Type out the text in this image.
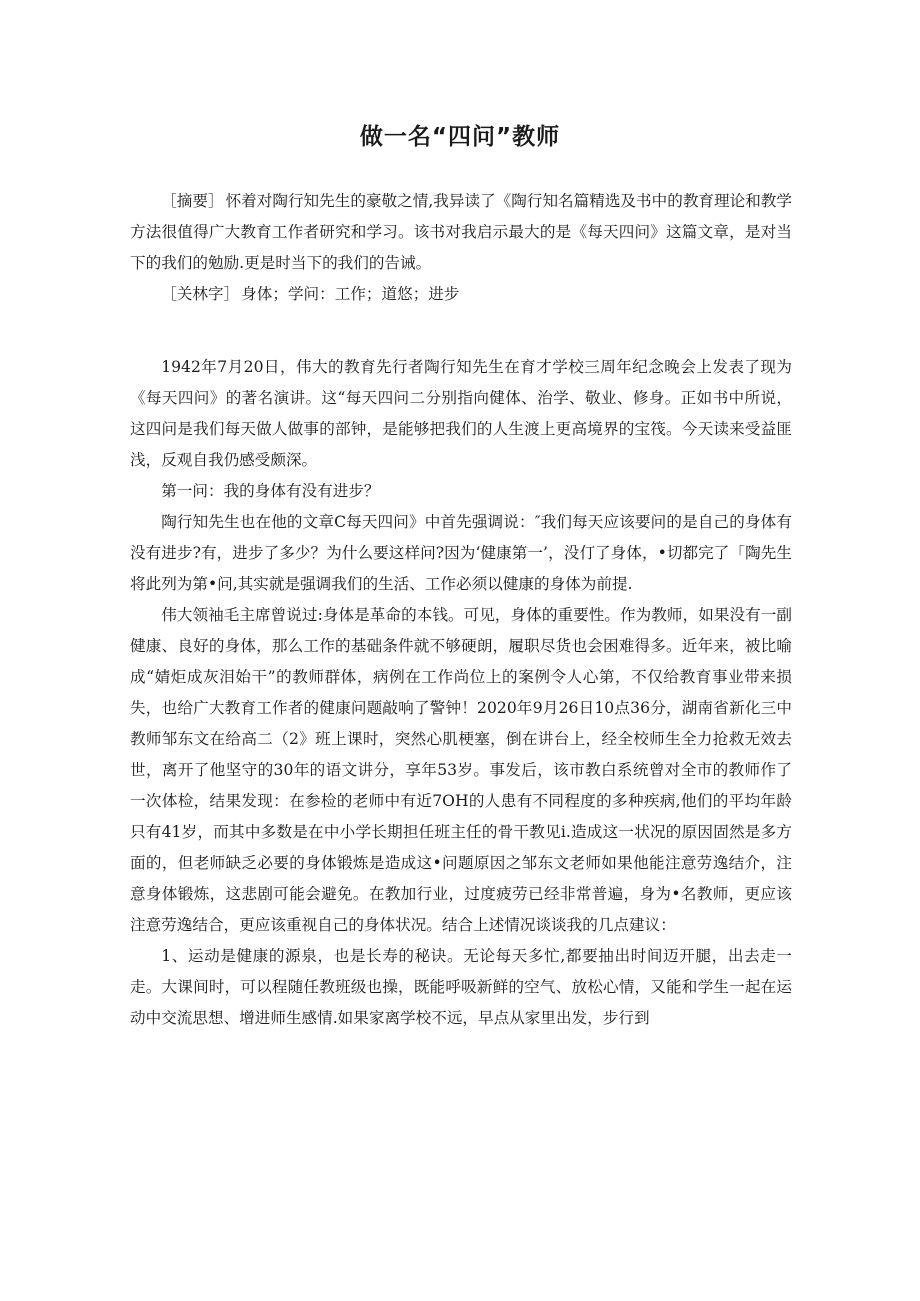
做一名“四问”教师

［摘要］ 怀着对陶行知先生的豪敬之情,我异读了《陶行知名篇精选及书中的教育理论和教学方法很值得广大教育工作者研究和学习。该书对我启示最大的是《每天四问》这篇文章，是对当下的我们的勉励.更是时当下的我们的告诫。

［关林字］ 身体；学问：工作；道悠；进步

1942年7月20日，伟大的教育先行者陶行知先生在育才学校三周年纪念晚会上发表了现为《每天四问》的著名演讲。这“每天四问二分别指向健体、治学、敬业、修身。正如书中所说，这四问是我们每天做人做事的部钟，是能够把我们的人生渡上更高境界的宝筏。今天读来受益匪浅，反观自我仍感受颇深。

第一问：我的身体有没有进步？

陶行知先生也在他的文章C每天四问》中首先强调说：″我们每天应该要问的是自己的身体有没有进步?有，进步了多少？为什么要这样问?因为‘健康第一’，没仃了身体，•切都完了「陶先生将此列为第•问,其实就是强调我们的生活、工作必须以健康的身体为前提.

伟大领袖毛主席曾说过:身体是革命的本钱。可见，身体的重要性。作为教师，如果没有一副健康、良好的身体，那么工作的基础条件就不够硬朗，履职尽货也会困难得多。近年来，被比喻成“婧炬成灰泪始干”的教师群体，病例在工作尚位上的案例令人心第，不仅给教育事业带来损失，也给广大教育工作者的健康问题敲响了警钟！2020年9月26日10点36分，湖南省新化三中教师邹东文在给高二（2》班上课时，突然心肌梗塞，倒在讲台上，经全校师生全力抢救无效去世，离开了他坚守的30年的语文讲分，享年53岁。事发后，该市教白系统曾对全市的教师作了一次体检，结果发现：在参检的老师中有近7OH的人患有不同程度的多种疾病,他们的平均年龄只有41岁，而其中多数是在中小学长期担任班主任的骨干教见i.造成这一状况的原因固然是多方面的，但老师缺乏必要的身体锻炼是造成这•问题原因之邹东文老师如果他能注意劳逸结介，注意身体锻炼，这悲剧可能会避免。在教加行业，过度疲劳已经非常普遍，身为•名教师，更应该注意劳逸结合，更应该重视自己的身体状况。结合上述情况谈谈我的几点建议：

1、运动是健康的源泉，也是长寿的秘诀。无论每天多忙,都要抽出时间迈开腿，出去走一走。大课间时，可以程随任教班级也操，既能呼吸新鲜的空气、放松心情，又能和学生一起在运动中交流思想、增进师生感情.如果家离学校不远，早点从家里出发，步行到
